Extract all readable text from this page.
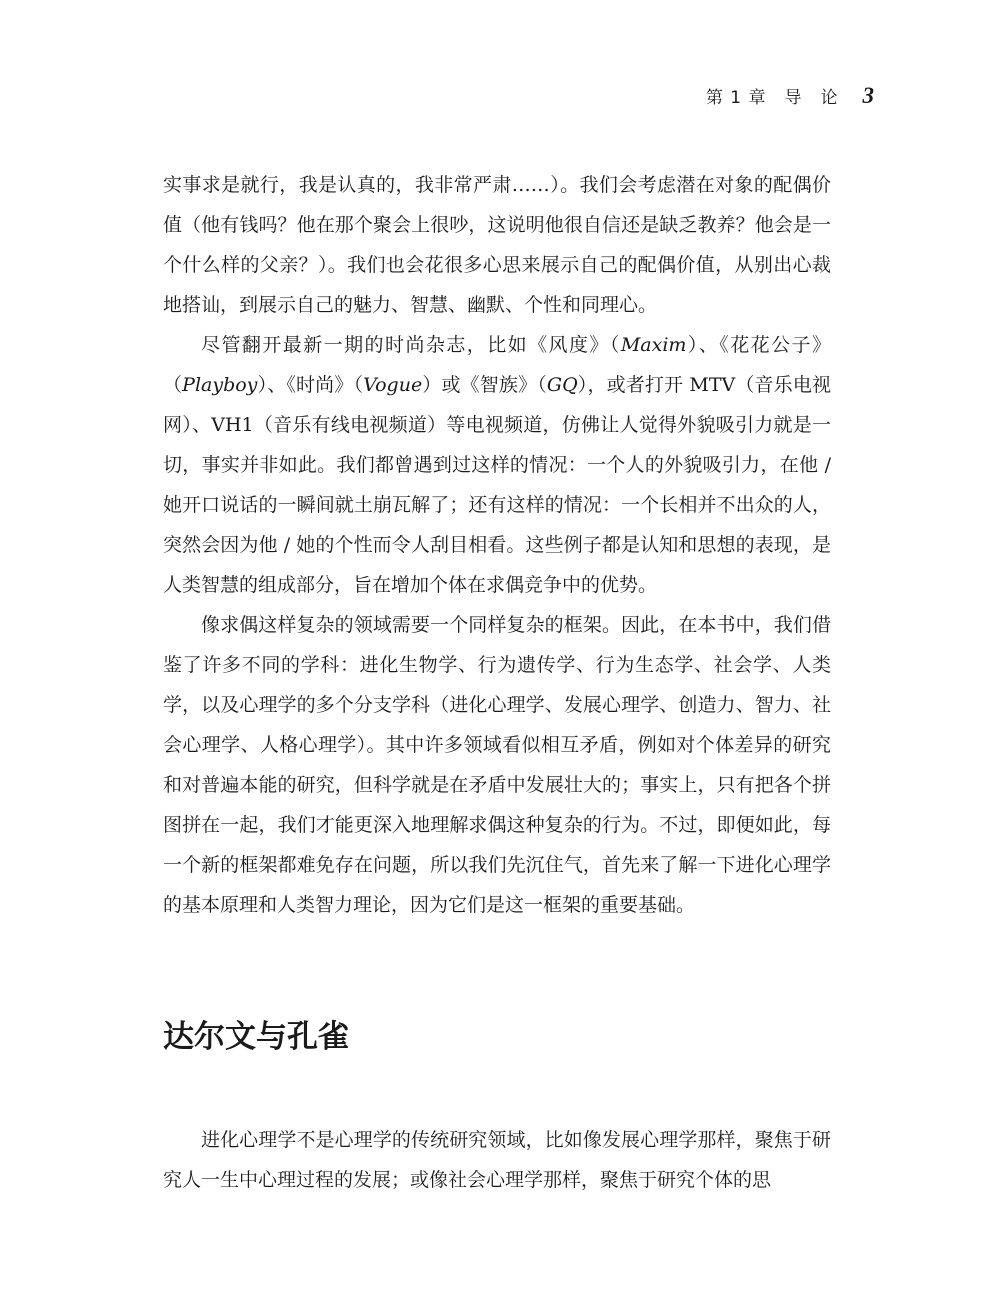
第 1 章　导　论 3

实事求是就行，我是认真的，我非常严肃……）。我们会考虑潜在对象的配偶价值（他有钱吗？他在那个聚会上很吵，这说明他很自信还是缺乏教养？他会是一个什么样的父亲？）。我们也会花很多心思来展示自己的配偶价值，从别出心裁地搭讪，到展示自己的魅力、智慧、幽默、个性和同理心。

尽管翻开最新一期的时尚杂志，比如《风度》（Maxim）、《花花公子》（Playboy）、《时尚》（Vogue）或《智族》（GQ），或者打开 MTV（音乐电视网）、VH1（音乐有线电视频道）等电视频道，仿佛让人觉得外貌吸引力就是一切，事实并非如此。我们都曾遇到过这样的情况：一个人的外貌吸引力，在他 / 她开口说话的一瞬间就土崩瓦解了；还有这样的情况：一个长相并不出众的人，突然会因为他 / 她的个性而令人刮目相看。这些例子都是认知和思想的表现，是人类智慧的组成部分，旨在增加个体在求偶竞争中的优势。

像求偶这样复杂的领域需要一个同样复杂的框架。因此，在本书中，我们借鉴了许多不同的学科：进化生物学、行为遗传学、行为生态学、社会学、人类学，以及心理学的多个分支学科（进化心理学、发展心理学、创造力、智力、社会心理学、人格心理学）。其中许多领域看似相互矛盾，例如对个体差异的研究和对普遍本能的研究，但科学就是在矛盾中发展壮大的；事实上，只有把各个拼图拼在一起，我们才能更深入地理解求偶这种复杂的行为。不过，即便如此，每一个新的框架都难免存在问题，所以我们先沉住气，首先来了解一下进化心理学的基本原理和人类智力理论，因为它们是这一框架的重要基础。

达尔文与孔雀

进化心理学不是心理学的传统研究领域，比如像发展心理学那样，聚焦于研究人一生中心理过程的发展；或像社会心理学那样，聚焦于研究个体的思
